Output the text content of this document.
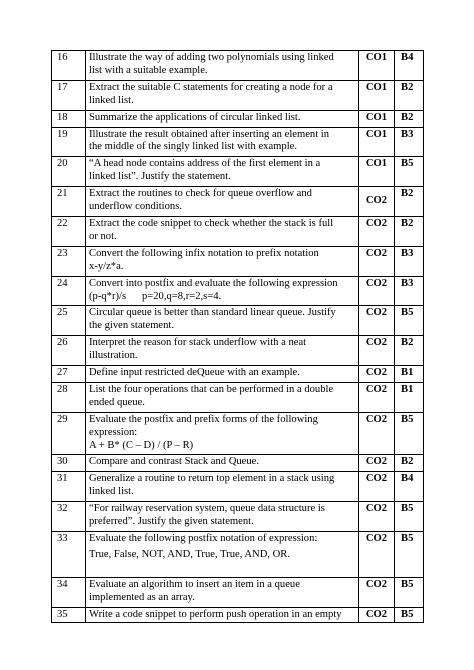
16	Illustrate the way of adding two polynomials using linked
list with a suitable example.	CO1	B4
17	Extract the suitable C statements for creating a node for a
linked list.	CO1	B2
18	Summarize the applications of circular linked list.	CO1	B2
19	Illustrate the result obtained after inserting an element in
the middle of the singly linked list with example.	CO1	B3
20	“A head node contains address of the first element in a
linked list”. Justify the statement.	CO1	B5
21	Extract the routines to check for queue overflow and
underflow conditions.	CO2	B2
22	Extract the code snippet to check whether the stack is full
or not.	CO2	B2
23	Convert the following infix notation to prefix notation
x-y/z*a.	CO2	B3
24	Convert into postfix and evaluate the following expression
(p-q*r)/s      p=20,q=8,r=2,s=4.	CO2	B3
25	Circular queue is better than standard linear queue. Justify
the given statement.	CO2	B5
26	Interpret the reason for stack underflow with a neat
illustration.	CO2	B2
27	Define input restricted deQueue with an example.	CO2	B1
28	List the four operations that can be performed in a double
ended queue.	CO2	B1
29	Evaluate the postfix and prefix forms of the following
expression:
A + B* (C – D) / (P – R)	CO2	B5
30	Compare and contrast Stack and Queue.	CO2	B2
31	Generalize a routine to return top element in a stack using
linked list.	CO2	B4
32	“For railway reservation system, queue data structure is
preferred”. Justify the given statement.	CO2	B5
33	Evaluate the following postfix notation of expression:
True, False, NOT, AND, True, True, AND, OR.	CO2	B5
34	Evaluate an algorithm to insert an item in a queue
implemented as an array.	CO2	B5
35	Write a code snippet to perform push operation in an empty	CO2	B5
